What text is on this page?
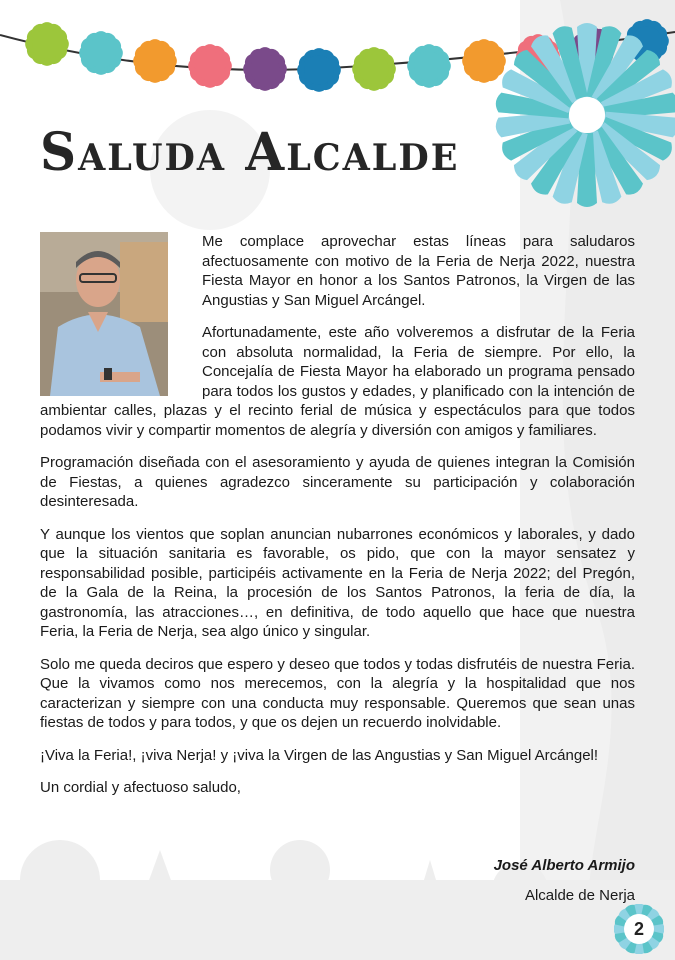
Saluda Alcalde

Me complace aprovechar estas líneas para saludaros afectuosamente con motivo de la Feria de Nerja 2022, nuestra Fiesta Mayor en honor a los Santos Patronos, la Virgen de las Angustias y San Miguel Arcángel.

Afortunadamente, este año volveremos a disfrutar de la Feria con absoluta normalidad, la Feria de siempre. Por ello, la Concejalía de Fiesta Mayor ha elaborado un programa pensado para todos los gustos y edades, y planificado con la intención de ambientar calles, plazas y el recinto ferial de música y espectáculos para que todos podamos vivir y compartir momentos de alegría y diversión con amigos y familiares.

Programación diseñada con el asesoramiento y ayuda de quienes integran la Comisión de Fiestas, a quienes agradezco sinceramente su participación y colaboración desinteresada.

Y aunque los vientos que soplan anuncian nubarrones económicos y laborales, y dado que la situación sanitaria es favorable, os pido, que con la mayor sensatez y responsabilidad posible, participéis activamente en la Feria de Nerja 2022; del Pregón, de la Gala de la Reina, la procesión de los Santos Patronos, la feria de día, la gastronomía, las atracciones…, en definitiva, de todo aquello que hace que nuestra Feria, la Feria de Nerja, sea algo único y singular.

Solo me queda deciros que espero y deseo que todos y todas disfrutéis de nuestra Feria. Que la vivamos como nos merecemos, con la alegría y la hospitalidad que nos caracterizan y siempre con una conducta muy responsable. Queremos que sean unas fiestas de todos y para todos, y que os dejen un recuerdo inolvidable.

¡Viva la Feria!, ¡viva Nerja! y ¡viva la Virgen de las Angustias y San Miguel Arcángel!

Un cordial y afectuoso saludo,

José Alberto Armijo
Alcalde de Nerja
2
